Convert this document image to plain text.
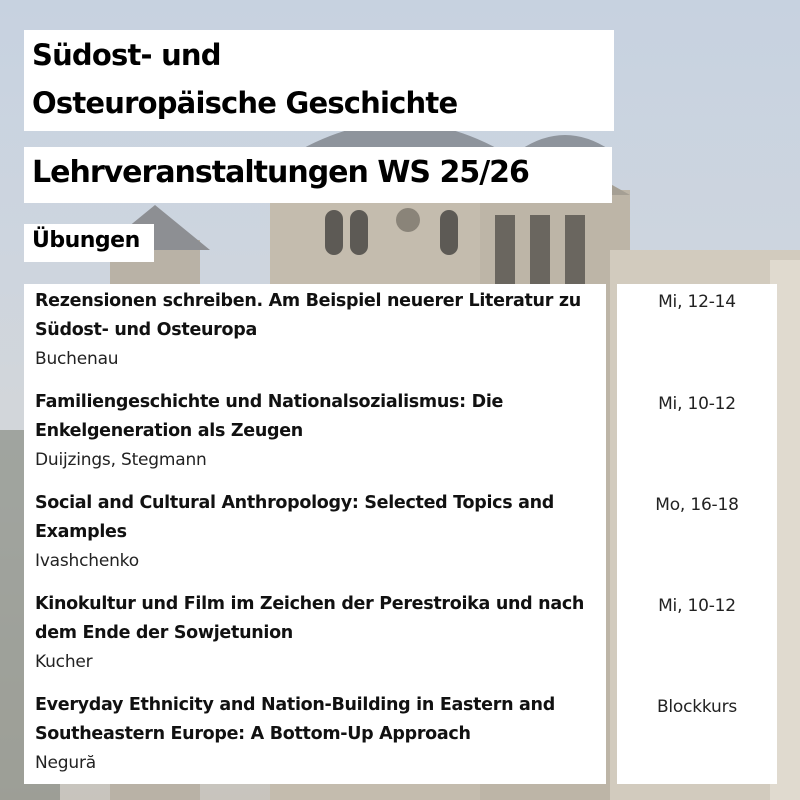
Südost- und
Osteuropäische Geschichte
Lehrveranstaltungen WS 25/26
Übungen
Rezensionen schreiben. Am Beispiel neuerer Literatur zu Südost- und Osteuropa
Buchenau
Familiengeschichte und Nationalsozialismus: Die Enkelgeneration als Zeugen
Duijzings, Stegmann
Social and Cultural Anthropology: Selected Topics and Examples
Ivashchenko
Kinokultur und Film im Zeichen der Perestroika und nach dem Ende der Sowjetunion
Kucher
Everyday Ethnicity and Nation-Building in Eastern and Southeastern Europe: A Bottom-Up Approach
Negură
Mi, 12-14
Mi, 10-12
Mo, 16-18
Mi, 10-12
Blockkurs
